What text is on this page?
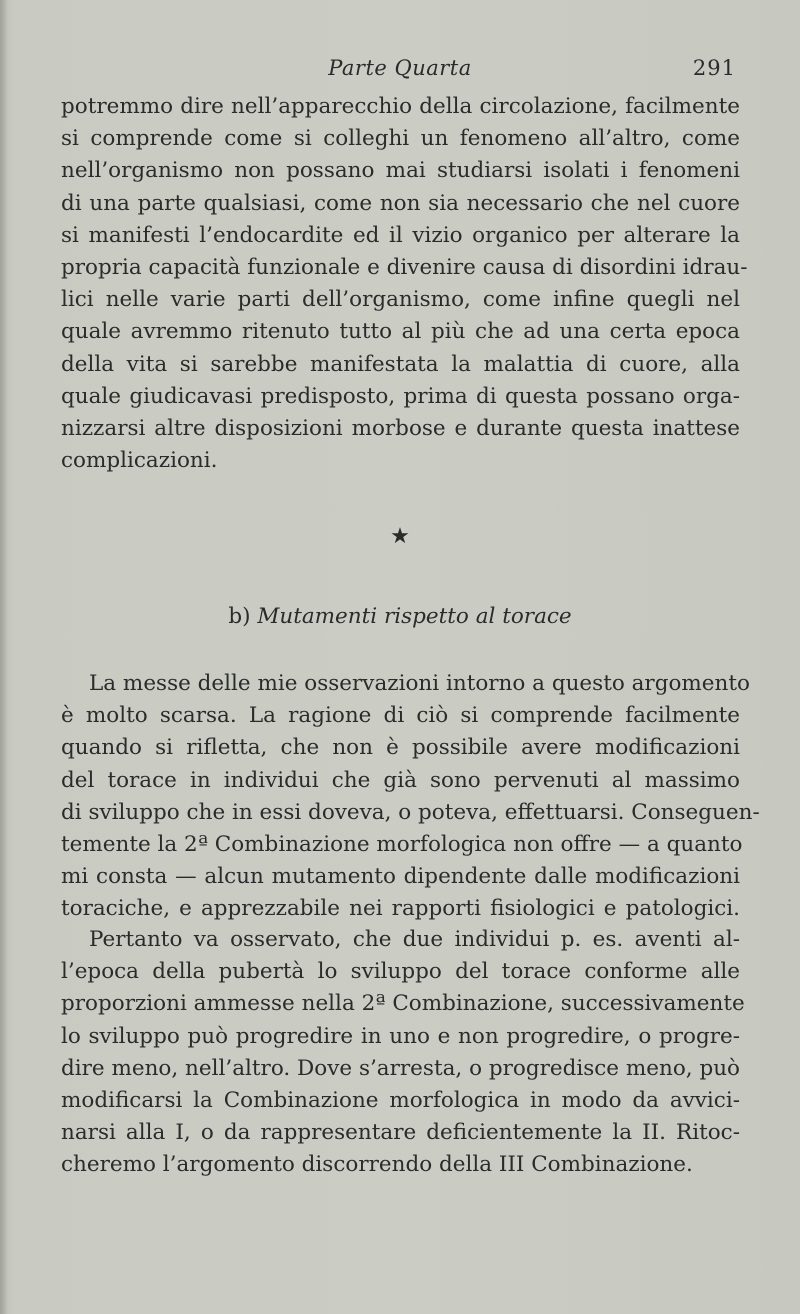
Parte Quarta	291
potremmo dire nell’apparecchio della circolazione, facilmente
si comprende come si colleghi un fenomeno all’altro, come
nell’organismo non possano mai studiarsi isolati i fenomeni
di una parte qualsiasi, come non sia necessario che nel cuore
si manifesti l’endocardite ed il vizio organico per alterare la
propria capacità funzionale e divenire causa di disordini idrau-
lici nelle varie parti dell’organismo, come infine quegli nel
quale avremmo ritenuto tutto al più che ad una certa epoca
della vita si sarebbe manifestata la malattia di cuore, alla
quale giudicavasi predisposto, prima di questa possano orga-
nizzarsi altre disposizioni morbose e durante questa inattese
complicazioni.
★
b) Mutamenti rispetto al torace
La messe delle mie osservazioni intorno a questo argomento
è molto scarsa. La ragione di ciò si comprende facilmente
quando si rifletta, che non è possibile avere modificazioni
del torace in individui che già sono pervenuti al massimo
di sviluppo che in essi doveva, o poteva, effettuarsi. Conseguen-
temente la 2ª Combinazione morfologica non offre — a quanto
mi consta — alcun mutamento dipendente dalle modificazioni
toraciche, e apprezzabile nei rapporti fisiologici e patologici.
Pertanto va osservato, che due individui p. es. aventi al-
l’epoca della pubertà lo sviluppo del torace conforme alle
proporzioni ammesse nella 2ª Combinazione, successivamente
lo sviluppo può progredire in uno e non progredire, o progre-
dire meno, nell’altro. Dove s’arresta, o progredisce meno, può
modificarsi la Combinazione morfologica in modo da avvici-
narsi alla I, o da rappresentare deficientemente la II. Ritoc-
cheremo l’argomento discorrendo della III Combinazione.
